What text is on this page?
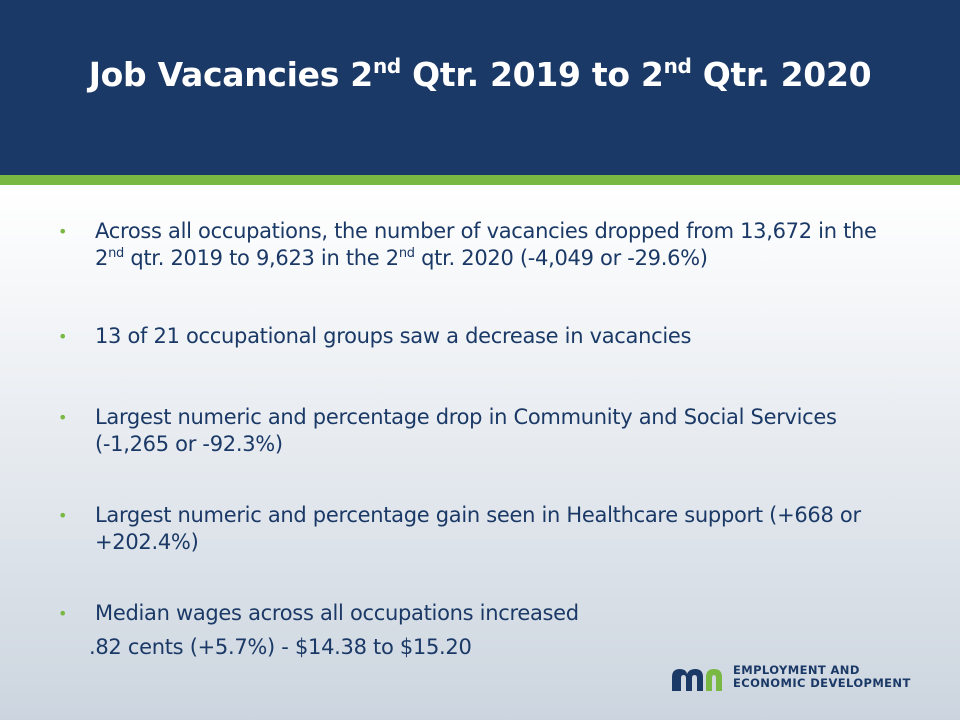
Job Vacancies 2nd Qtr. 2019 to 2nd Qtr. 2020
• Across all occupations, the number of vacancies dropped from 13,672 in the 2nd qtr. 2019 to 9,623 in the 2nd qtr. 2020 (-4,049 or -29.6%)
• 13 of 21 occupational groups saw a decrease in vacancies
• Largest numeric and percentage drop in Community and Social Services (-1,265 or -92.3%)
• Largest numeric and percentage gain seen in Healthcare support (+668 or +202.4%)
• Median wages across all occupations increased
.82 cents (+5.7%) - $14.38 to $15.20
EMPLOYMENT AND
ECONOMIC DEVELOPMENT
